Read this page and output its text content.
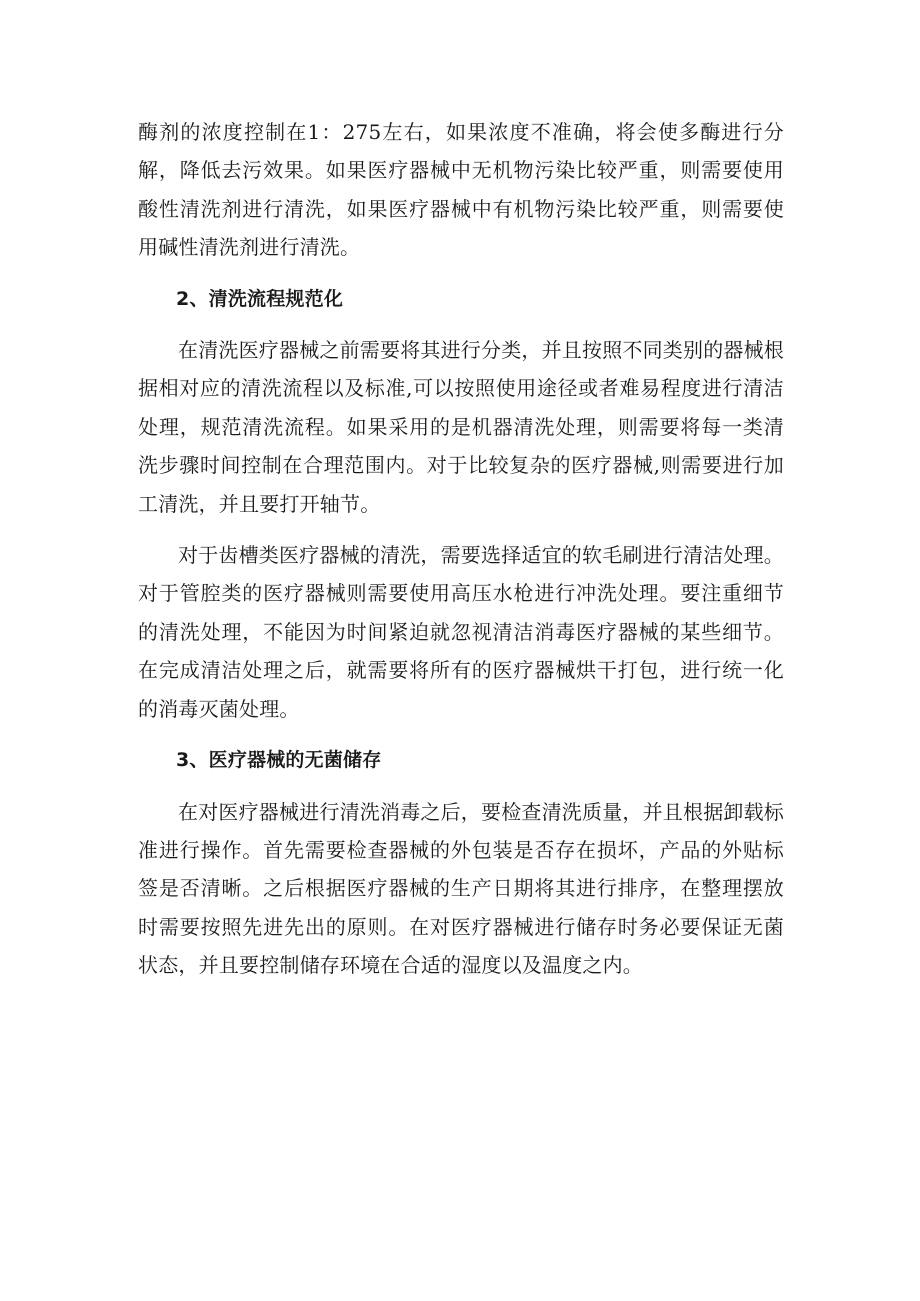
酶剂的浓度控制在1：275左右，如果浓度不准确，将会使多酶进行分解，降低去污效果。如果医疗器械中无机物污染比较严重，则需要使用酸性清洗剂进行清洗，如果医疗器械中有机物污染比较严重，则需要使用碱性清洗剂进行清洗。

2、清洗流程规范化

在清洗医疗器械之前需要将其进行分类，并且按照不同类别的器械根据相对应的清洗流程以及标准,可以按照使用途径或者难易程度进行清洁处理，规范清洗流程。如果采用的是机器清洗处理，则需要将每一类清洗步骤时间控制在合理范围内。对于比较复杂的医疗器械,则需要进行加工清洗，并且要打开轴节。

对于齿槽类医疗器械的清洗，需要选择适宜的软毛刷进行清洁处理。对于管腔类的医疗器械则需要使用高压水枪进行冲洗处理。要注重细节的清洗处理，不能因为时间紧迫就忽视清洁消毒医疗器械的某些细节。在完成清洁处理之后，就需要将所有的医疗器械烘干打包，进行统一化的消毒灭菌处理。

3、医疗器械的无菌储存

在对医疗器械进行清洗消毒之后，要检查清洗质量，并且根据卸载标准进行操作。首先需要检查器械的外包装是否存在损坏，产品的外贴标签是否清晰。之后根据医疗器械的生产日期将其进行排序，在整理摆放时需要按照先进先出的原则。在对医疗器械进行储存时务必要保证无菌状态，并且要控制储存环境在合适的湿度以及温度之内。
